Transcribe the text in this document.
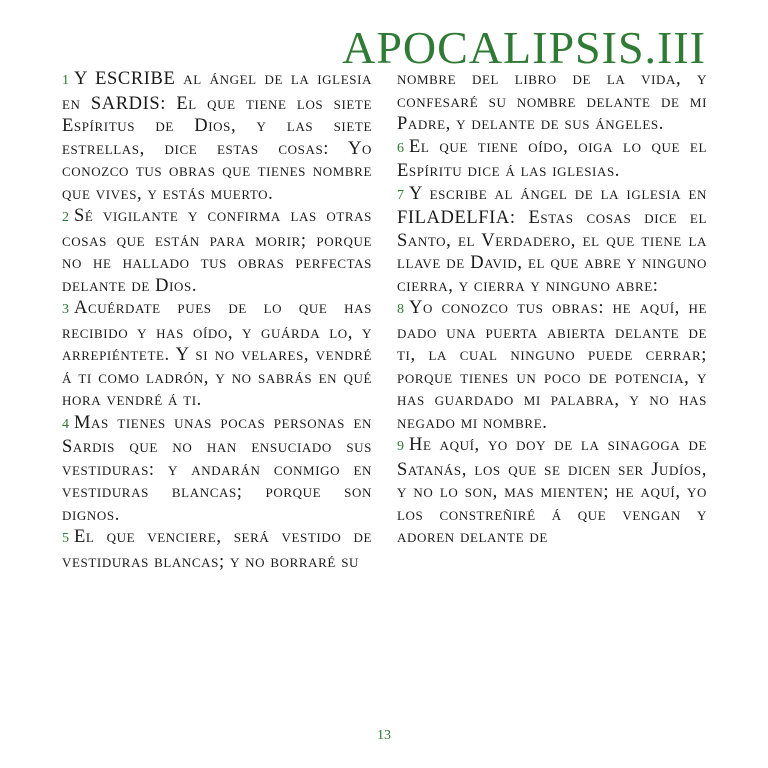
APOCALIPSIS.III

1 Y ESCRIBE al ángel de la iglesia en SARDIS: El que tiene los siete Espíritus de Dios, y las siete estrellas, dice estas cosas: Yo conozco tus obras que tienes nombre que vives, y estás muerto.

2 Sé vigilante y confirma las otras cosas que están para morir; porque no he hallado tus obras perfectas delante de Dios.

3 Acuérdate pues de lo que has recibido y has oído, y guárda lo, y arrepiéntete. Y si no velares, vendré á ti como ladrón, y no sabrás en qué hora vendré á ti.

4 Mas tienes unas pocas personas en Sardis que no han ensuciado sus vestiduras: y andarán conmigo en vestiduras blancas; porque son dignos.

5 El que venciere, será vestido de vestiduras blancas; y no borraré su

nombre del libro de la vida, y confesaré su nombre delante de mi Padre, y delante de sus ángeles.

6 El que tiene oído, oiga lo que el Espíritu dice á las iglesias.

7 Y escribe al ángel de la iglesia en FILADELFIA: Estas cosas dice el Santo, el Verdadero, el que tiene la llave de David, el que abre y ninguno cierra, y cierra y ninguno abre:

8 Yo conozco tus obras: he aquí, he dado una puerta abierta delante de ti, la cual ninguno puede cerrar; porque tienes un poco de potencia, y has guardado mi palabra, y no has negado mi nombre.

9 He aquí, yo doy de la sinagoga de Satanás, los que se dicen ser Judíos, y no lo son, mas mienten; he aquí, yo los constreñiré á que vengan y adoren delante de

13
